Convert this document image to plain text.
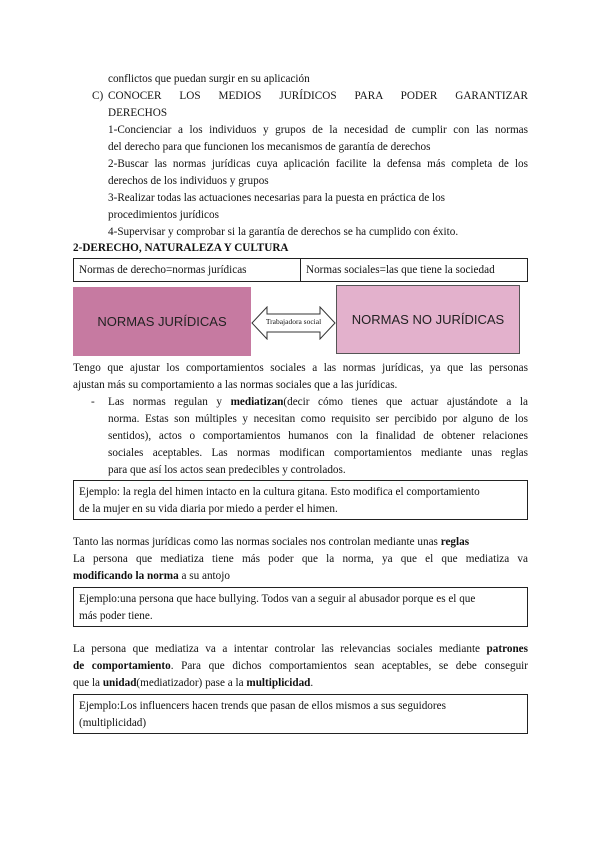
conflictos que puedan surgir en su aplicación
C) CONOCER LOS MEDIOS JURÍDICOS PARA PODER GARANTIZAR
DERECHOS
1-Concienciar a los individuos y grupos de la necesidad de cumplir con las normas
del derecho para que funcionen los mecanismos de garantía de derechos
2-Buscar las normas jurídicas cuya aplicación facilite la defensa más completa de los
derechos de los individuos y grupos
3-Realizar todas las actuaciones necesarias para la puesta en práctica de los
procedimientos jurídicos
4-Supervisar y comprobar si la garantía de derechos se ha cumplido con éxito.
2-DERECHO, NATURALEZA Y CULTURA
Normas de derecho=normas jurídicas	Normas sociales=las que tiene la sociedad
NORMAS JURÍDICAS	Trabajadora social	NORMAS NO JURÍDICAS
Tengo que ajustar los comportamientos sociales a las normas jurídicas, ya que las personas
ajustan más su comportamiento a las normas sociales que a las jurídicas.
- Las normas regulan y mediatizan(decir cómo tienes que actuar ajustándote a la
norma. Estas son múltiples y necesitan como requisito ser percibido por alguno de los
sentidos), actos o comportamientos humanos con la finalidad de obtener relaciones
sociales aceptables. Las normas modifican comportamientos mediante unas reglas
para que así los actos sean predecibles y controlados.
Ejemplo: la regla del himen intacto en la cultura gitana. Esto modifica el comportamiento
de la mujer en su vida diaria por miedo a perder el himen.
Tanto las normas jurídicas como las normas sociales nos controlan mediante unas reglas
La persona que mediatiza tiene más poder que la norma, ya que el que mediatiza va
modificando la norma a su antojo
Ejemplo:una persona que hace bullying. Todos van a seguir al abusador porque es el que
más poder tiene.
La persona que mediatiza va a intentar controlar las relevancias sociales mediante patrones
de comportamiento. Para que dichos comportamientos sean aceptables, se debe conseguir
que la unidad(mediatizador) pase a la multiplicidad.
Ejemplo:Los influencers hacen trends que pasan de ellos mismos a sus seguidores
(multiplicidad)
